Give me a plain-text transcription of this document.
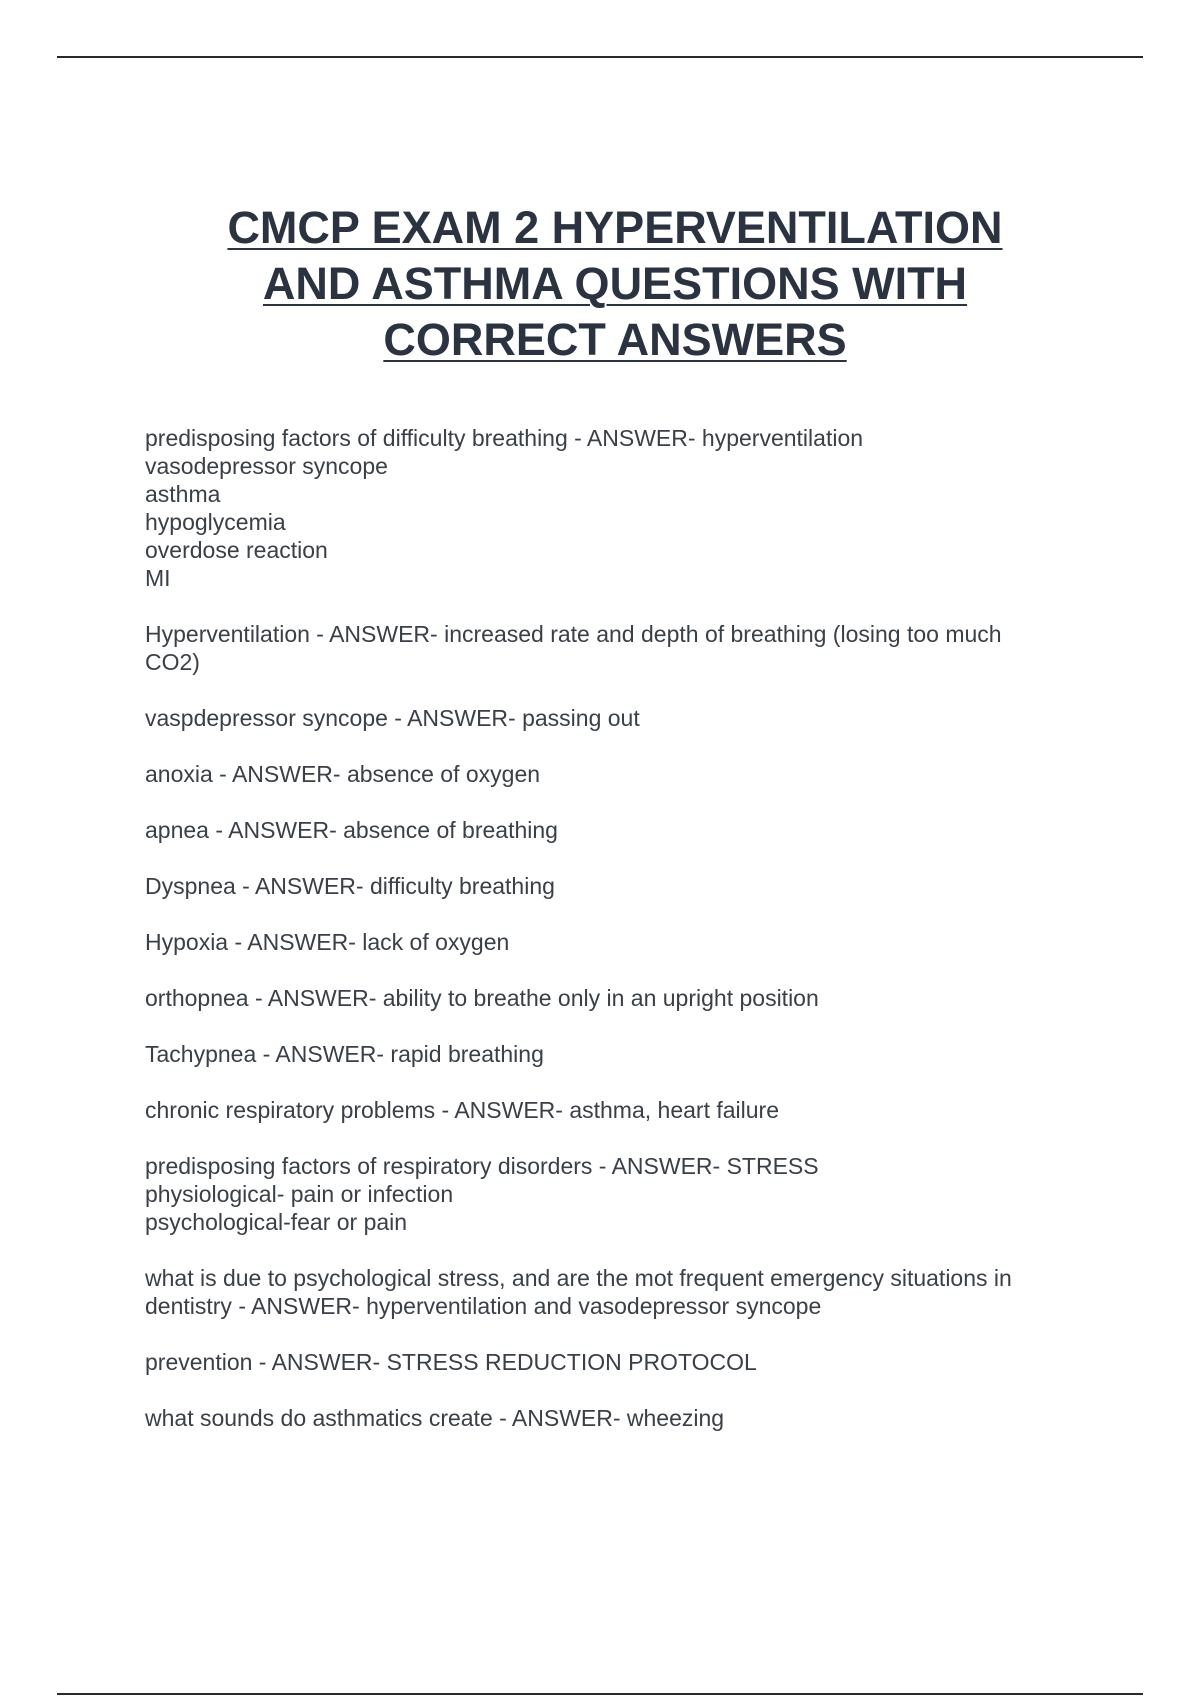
CMCP EXAM 2 HYPERVENTILATION
AND ASTHMA QUESTIONS WITH
CORRECT ANSWERS
predisposing factors of difficulty breathing - ANSWER- hyperventilation
vasodepressor syncope
asthma
hypoglycemia
overdose reaction
MI
Hyperventilation - ANSWER- increased rate and depth of breathing (losing too much
CO2)
vaspdepressor syncope - ANSWER- passing out
anoxia - ANSWER- absence of oxygen
apnea - ANSWER- absence of breathing
Dyspnea - ANSWER- difficulty breathing
Hypoxia - ANSWER- lack of oxygen
orthopnea - ANSWER- ability to breathe only in an upright position
Tachypnea - ANSWER- rapid breathing
chronic respiratory problems - ANSWER- asthma, heart failure
predisposing factors of respiratory disorders - ANSWER- STRESS
physiological- pain or infection
psychological-fear or pain
what is due to psychological stress, and are the mot frequent emergency situations in
dentistry - ANSWER- hyperventilation and vasodepressor syncope
prevention - ANSWER- STRESS REDUCTION PROTOCOL
what sounds do asthmatics create - ANSWER- wheezing
